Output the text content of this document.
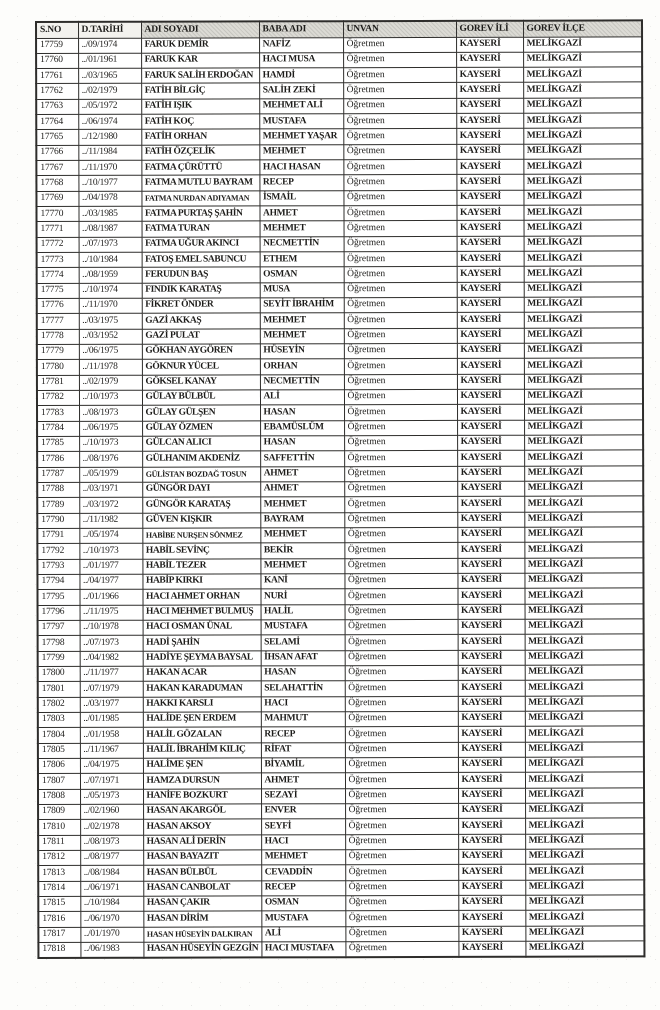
S.NO	D.TARİHİ	ADI SOYADI	BABA ADI	UNVAN	GOREV İLİ	GOREV İLÇE
17759	../09/1974	FARUK DEMİR	NAFİZ	Öğretmen	KAYSERİ	MELİKGAZİ
17760	../01/1961	FARUK KAR	HACI MUSA	Öğretmen	KAYSERİ	MELİKGAZİ
17761	../03/1965	FARUK SALİH ERDOĞAN	HAMDİ	Öğretmen	KAYSERİ	MELİKGAZİ
17762	../02/1979	FATİH BİLGİÇ	SALİH ZEKİ	Öğretmen	KAYSERİ	MELİKGAZİ
17763	../05/1972	FATİH IŞIK	MEHMET ALİ	Öğretmen	KAYSERİ	MELİKGAZİ
17764	../06/1974	FATİH KOÇ	MUSTAFA	Öğretmen	KAYSERİ	MELİKGAZİ
17765	../12/1980	FATİH ORHAN	MEHMET YAŞAR	Öğretmen	KAYSERİ	MELİKGAZİ
17766	../11/1984	FATİH ÖZÇELİK	MEHMET	Öğretmen	KAYSERİ	MELİKGAZİ
17767	../11/1970	FATMA ÇÜRÜTTÜ	HACI HASAN	Öğretmen	KAYSERİ	MELİKGAZİ
17768	../10/1977	FATMA MUTLU BAYRAM	RECEP	Öğretmen	KAYSERİ	MELİKGAZİ
17769	../04/1978	FATMA NURDAN ADIYAMAN	İSMAİL	Öğretmen	KAYSERİ	MELİKGAZİ
17770	../03/1985	FATMA PURTAŞ ŞAHİN	AHMET	Öğretmen	KAYSERİ	MELİKGAZİ
17771	../08/1987	FATMA TURAN	MEHMET	Öğretmen	KAYSERİ	MELİKGAZİ
17772	../07/1973	FATMA UĞUR AKINCI	NECMETTİN	Öğretmen	KAYSERİ	MELİKGAZİ
17773	../10/1984	FATOŞ EMEL SABUNCU	ETHEM	Öğretmen	KAYSERİ	MELİKGAZİ
17774	../08/1959	FERUDUN BAŞ	OSMAN	Öğretmen	KAYSERİ	MELİKGAZİ
17775	../10/1974	FINDIK KARATAŞ	MUSA	Öğretmen	KAYSERİ	MELİKGAZİ
17776	../11/1970	FİKRET ÖNDER	SEYİT İBRAHİM	Öğretmen	KAYSERİ	MELİKGAZİ
17777	../03/1975	GAZİ AKKAŞ	MEHMET	Öğretmen	KAYSERİ	MELİKGAZİ
17778	../03/1952	GAZİ PULAT	MEHMET	Öğretmen	KAYSERİ	MELİKGAZİ
17779	../06/1975	GÖKHAN AYGÖREN	HÜSEYİN	Öğretmen	KAYSERİ	MELİKGAZİ
17780	../11/1978	GÖKNUR YÜCEL	ORHAN	Öğretmen	KAYSERİ	MELİKGAZİ
17781	../02/1979	GÖKSEL KANAY	NECMETTİN	Öğretmen	KAYSERİ	MELİKGAZİ
17782	../10/1973	GÜLAY BÜLBÜL	ALİ	Öğretmen	KAYSERİ	MELİKGAZİ
17783	../08/1973	GÜLAY GÜLŞEN	HASAN	Öğretmen	KAYSERİ	MELİKGAZİ
17784	../06/1975	GÜLAY ÖZMEN	EBAMÜSLÜM	Öğretmen	KAYSERİ	MELİKGAZİ
17785	../10/1973	GÜLCAN ALICI	HASAN	Öğretmen	KAYSERİ	MELİKGAZİ
17786	../08/1976	GÜLHANIM AKDENİZ	SAFFETTİN	Öğretmen	KAYSERİ	MELİKGAZİ
17787	../05/1979	GÜLİSTAN BOZDAĞ TOSUN	AHMET	Öğretmen	KAYSERİ	MELİKGAZİ
17788	../03/1971	GÜNGÖR DAYI	AHMET	Öğretmen	KAYSERİ	MELİKGAZİ
17789	../03/1972	GÜNGÖR KARATAŞ	MEHMET	Öğretmen	KAYSERİ	MELİKGAZİ
17790	../11/1982	GÜVEN KIŞKIR	BAYRAM	Öğretmen	KAYSERİ	MELİKGAZİ
17791	../05/1974	HABİBE NURŞEN SÖNMEZ	MEHMET	Öğretmen	KAYSERİ	MELİKGAZİ
17792	../10/1973	HABİL SEVİNÇ	BEKİR	Öğretmen	KAYSERİ	MELİKGAZİ
17793	../01/1977	HABİL TEZER	MEHMET	Öğretmen	KAYSERİ	MELİKGAZİ
17794	../04/1977	HABİP KIRKI	KANİ	Öğretmen	KAYSERİ	MELİKGAZİ
17795	../01/1966	HACI AHMET ORHAN	NURİ	Öğretmen	KAYSERİ	MELİKGAZİ
17796	../11/1975	HACI MEHMET BULMUŞ	HALİL	Öğretmen	KAYSERİ	MELİKGAZİ
17797	../10/1978	HACI OSMAN ÜNAL	MUSTAFA	Öğretmen	KAYSERİ	MELİKGAZİ
17798	../07/1973	HADİ ŞAHİN	SELAMİ	Öğretmen	KAYSERİ	MELİKGAZİ
17799	../04/1982	HADİYE ŞEYMA BAYSAL	İHSAN AFAT	Öğretmen	KAYSERİ	MELİKGAZİ
17800	../11/1977	HAKAN ACAR	HASAN	Öğretmen	KAYSERİ	MELİKGAZİ
17801	../07/1979	HAKAN KARADUMAN	SELAHATTİN	Öğretmen	KAYSERİ	MELİKGAZİ
17802	../03/1977	HAKKI KARSLI	HACI	Öğretmen	KAYSERİ	MELİKGAZİ
17803	../01/1985	HALİDE ŞEN ERDEM	MAHMUT	Öğretmen	KAYSERİ	MELİKGAZİ
17804	../01/1958	HALİL GÖZALAN	RECEP	Öğretmen	KAYSERİ	MELİKGAZİ
17805	../11/1967	HALİL İBRAHİM KILIÇ	RİFAT	Öğretmen	KAYSERİ	MELİKGAZİ
17806	../04/1975	HALİME ŞEN	BİYAMİL	Öğretmen	KAYSERİ	MELİKGAZİ
17807	../07/1971	HAMZA DURSUN	AHMET	Öğretmen	KAYSERİ	MELİKGAZİ
17808	../05/1973	HANİFE BOZKURT	SEZAYİ	Öğretmen	KAYSERİ	MELİKGAZİ
17809	../02/1960	HASAN AKARGÖL	ENVER	Öğretmen	KAYSERİ	MELİKGAZİ
17810	../02/1978	HASAN AKSOY	SEYFİ	Öğretmen	KAYSERİ	MELİKGAZİ
17811	../08/1973	HASAN ALİ DERİN	HACI	Öğretmen	KAYSERİ	MELİKGAZİ
17812	../08/1977	HASAN BAYAZIT	MEHMET	Öğretmen	KAYSERİ	MELİKGAZİ
17813	../08/1984	HASAN BÜLBÜL	CEVADDİN	Öğretmen	KAYSERİ	MELİKGAZİ
17814	../06/1971	HASAN CANBOLAT	RECEP	Öğretmen	KAYSERİ	MELİKGAZİ
17815	../10/1984	HASAN ÇAKIR	OSMAN	Öğretmen	KAYSERİ	MELİKGAZİ
17816	../06/1970	HASAN DİRİM	MUSTAFA	Öğretmen	KAYSERİ	MELİKGAZİ
17817	../01/1970	HASAN HÜSEYİN DALKIRAN	ALİ	Öğretmen	KAYSERİ	MELİKGAZİ
17818	../06/1983	HASAN HÜSEYİN GEZGİN	HACI MUSTAFA	Öğretmen	KAYSERİ	MELİKGAZİ
